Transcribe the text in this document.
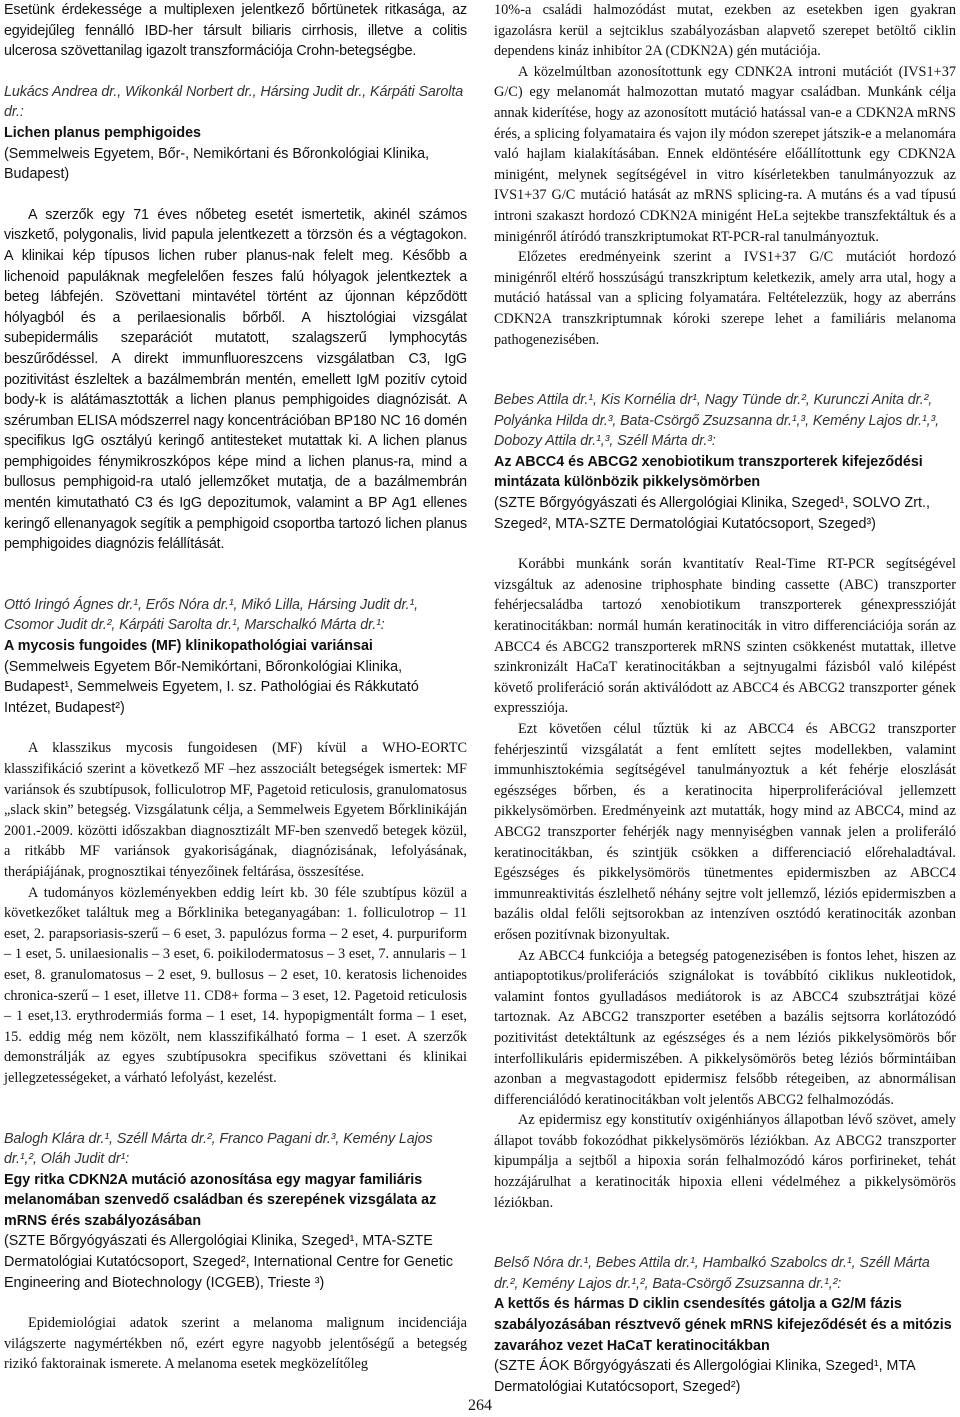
Esetünk érdekessége a multiplexen jelentkező bőrtünetek ritkasága, az egyidejűleg fennálló IBD-her társult biliaris cirrhosis, illetve a colitis ulcerosa szövettanilag igazolt transzformációja Crohn-betegségbe.

Lukács Andrea dr., Wikonkál Norbert dr., Hársing Judit dr., Kárpáti Sarolta dr.:

Lichen planus pemphigoides

(Semmelweis Egyetem, Bőr-, Nemikórtani és Bőronkológiai Klinika, Budapest)

A szerzők egy 71 éves nőbeteg esetét ismertetik, akinél számos viszkető, polygonalis, livid papula jelentkezett a törzsön és a végtagokon. A klinikai kép típusos lichen ruber planus-nak felelt meg. Később a lichenoid papuláknak megfelelően feszes falú hólyagok jelentkeztek a beteg lábfején. Szövettani mintavétel történt az újonnan képződött hólyagból és a perilaesionalis bőrből. A hisztológiai vizsgálat subepidermális szeparációt mutatott, szalagszerű lymphocytás beszűrődéssel. A direkt immunfluoreszcens vizsgálatban C3, IgG pozitivitást észleltek a bazálmembrán mentén, emellett IgM pozitív cytoid body-k is alátámasztották a lichen planus pemphigoides diagnózisát. A szérumban ELISA módszerrel nagy koncentrációban BP180 NC 16 domén specifikus IgG osztályú keringő antitesteket mutattak ki. A lichen planus pemphigoides fénymikroszkópos képe mind a lichen planus-ra, mind a bullosus pemphigoid-ra utaló jellemzőket mutatja, de a bazálmembrán mentén kimutatható C3 és IgG depozitumok, valamint a BP Ag1 ellenes keringő ellenanyagok segítik a pemphigoid csoportba tartozó lichen planus pemphigoides diagnózis felállítását.

Ottó Iringó Ágnes dr.¹, Erős Nóra dr.¹, Mikó Lilla, Hársing Judit dr.¹, Csomor Judit dr.², Kárpáti Sarolta dr.¹, Marschalkó Márta dr.¹:

A mycosis fungoides (MF) klinikopathológiai variánsai

(Semmelweis Egyetem Bőr-Nemikórtani, Bőronkológiai Klinika, Budapest¹, Semmelweis Egyetem, I. sz. Pathológiai és Rákkutató Intézet, Budapest²)

A klasszikus mycosis fungoidesen (MF) kívül a WHO-EORTC klasszifikáció szerint a következő MF –hez asszociált betegségek ismertek: MF variánsok és szubtípusok, folliculotrop MF, Pagetoid reticulosis, granulomatosus „slack skin” betegség. Vizsgálatunk célja, a Semmelweis Egyetem Bőrklinikáján 2001.-2009. közötti időszakban diagnosztizált MF-ben szenvedő betegek közül, a ritkább MF variánsok gyakoriságának, diagnózisának, lefolyásának, therápiájának, prognosztikai tényezőinek feltárása, összesítése.

A tudományos közleményekben eddig leírt kb. 30 féle szubtípus közül a következőket találtuk meg a Bőrklinika beteganyagában: 1. folliculotrop – 11 eset, 2. parapsoriasis-szerű – 6 eset, 3. papulózus forma – 2 eset, 4. purpuriform – 1 eset, 5. unilaesionalis – 3 eset, 6. poikilodermatosus – 3 eset, 7. annularis – 1 eset, 8. granulomatosus – 2 eset, 9. bullosus – 2 eset, 10. keratosis lichenoides chronica-szerű – 1 eset, illetve 11. CD8+ forma – 3 eset, 12. Pagetoid reticulosis – 1 eset,13. erythrodermiás forma – 1 eset, 14. hypopigmentált forma – 1 eset, 15. eddig még nem közölt, nem klasszifikálható forma – 1 eset. A szerzők demonstrálják az egyes szubtípusokra specifikus szövettani és klinikai jellegzetességeket, a várható lefolyást, kezelést.

Balogh Klára dr.¹, Széll Márta dr.², Franco Pagani dr.³, Kemény Lajos dr.¹,², Oláh Judit dr¹:

Egy ritka CDKN2A mutáció azonosítása egy magyar familiáris melanomában szenvedő családban és szerepének vizsgálata az mRNS érés szabályozásában

(SZTE Bőrgyógyászati és Allergológiai Klinika, Szeged¹, MTA-SZTE Dermatológiai Kutatócsoport, Szeged², International Centre for Genetic Engineering and Biotechnology (ICGEB), Trieste ³)

Epidemiológiai adatok szerint a melanoma malignum incidenciája világszerte nagymértékben nő, ezért egyre nagyobb jelentőségű a betegség rizikó faktorainak ismerete. A melanoma esetek megközelítőleg

10%-a családi halmozódást mutat, ezekben az esetekben igen gyakran igazolásra kerül a sejtciklus szabályozásban alapvető szerepet betöltő ciklin dependens kináz inhibítor 2A (CDKN2A) gén mutációja.

A közelmúltban azonosítottunk egy CDNK2A introni mutációt (IVS1+37 G/C) egy melanomát halmozottan mutató magyar családban. Munkánk célja annak kiderítése, hogy az azonosított mutáció hatással van-e a CDKN2A mRNS érés, a splicing folyamataira és vajon ily módon szerepet játszik-e a melanomára való hajlam kialakításában. Ennek eldöntésére előállítottunk egy CDKN2A minigént, melynek segítségével in vitro kísérletekben tanulmányozzuk az IVS1+37 G/C mutáció hatását az mRNS splicing-ra. A mutáns és a vad típusú introni szakaszt hordozó CDKN2A minigént HeLa sejtekbe transzfektáltuk és a minigénről átíródó transzkriptumokat RT-PCR-ral tanulmányoztuk.

Előzetes eredményeink szerint a IVS1+37 G/C mutációt hordozó minigénről eltérő hosszúságú transzkriptum keletkezik, amely arra utal, hogy a mutáció hatással van a splicing folyamatára. Feltételezzük, hogy az aberráns CDKN2A transzkriptumnak kóroki szerepe lehet a familiáris melanoma pathogenezisében.

Bebes Attila dr.¹, Kis Kornélia dr¹, Nagy Tünde dr.², Kurunczi Anita dr.², Polyánka Hilda dr.³, Bata-Csörgő Zsuzsanna dr.¹,³, Kemény Lajos dr.¹,³, Dobozy Attila dr.¹,³, Széll Márta dr.³:

Az ABCC4 és ABCG2 xenobiotikum transzporterek kifejeződési mintázata különbözik pikkelysömörben

(SZTE Bőrgyógyászati és Allergológiai Klinika, Szeged¹, SOLVO Zrt., Szeged², MTA-SZTE Dermatológiai Kutatócsoport, Szeged³)

Korábbi munkánk során kvantitatív Real-Time RT-PCR segítségével vizsgáltuk az adenosine triphosphate binding cassette (ABC) transzporter fehérjecsaládba tartozó xenobiotikum transzporterek génexpresszióját keratinocitákban: normál humán keratinociták in vitro differenciációja során az ABCC4 és ABCG2 transzporterek mRNS szinten csökkenést mutattak, illetve szinkronizált HaCaT keratinocitákban a sejtnyugalmi fázisból való kilépést követő proliferáció során aktiválódott az ABCC4 és ABCG2 transzporter gének expressziója.

Ezt követően célul tűztük ki az ABCC4 és ABCG2 transzporter fehérjeszintű vizsgálatát a fent említett sejtes modellekben, valamint immunhisztokémia segítségével tanulmányoztuk a két fehérje eloszlását egészséges bőrben, és a keratinocita hiperproliferációval jellemzett pikkelysömörben. Eredményeink azt mutatták, hogy mind az ABCC4, mind az ABCG2 transzporter fehérjék nagy mennyiségben vannak jelen a proliferáló keratinocitákban, és szintjük csökken a differenciació előrehaladtával. Egészséges és pikkelysömörös tünetmentes epidermiszben az ABCC4 immunreaktivitás észlelhető néhány sejtre volt jellemző, léziós epidermiszben a bazális oldal felőli sejtsorokban az intenzíven osztódó keratinociták azonban erősen pozitívnak bizonyultak.

Az ABCC4 funkciója a betegség patogenezisében is fontos lehet, hiszen az antiapoptotikus/proliferációs szignálokat is továbbító ciklikus nukleotidok, valamint fontos gyulladásos mediátorok is az ABCC4 szubsztrátjai közé tartoznak. Az ABCG2 transzporter esetében a bazális sejtsorra korlátozódó pozitivitást detektáltunk az egészséges és a nem léziós pikkelysömörös bőr interfollikuláris epidermiszében. A pikkelysömörös beteg léziós bőrmintáiban azonban a megvastagodott epidermisz felsőbb rétegeiben, az abnormálisan differenciálódó keratinocitákban volt jelentős ABCG2 felhalmozódás.

Az epidermisz egy konstitutív oxigénhiányos állapotban lévő szövet, amely állapot tovább fokozódhat pikkelysömörös léziókban. Az ABCG2 transzporter kipumpálja a sejtből a hipoxia során felhalmozódó káros porfirineket, tehát hozzájárulhat a keratinociták hipoxia elleni védelméhez a pikkelysömörös léziókban.

Belső Nóra dr.¹, Bebes Attila dr.¹, Hambalkó Szabolcs dr.¹, Széll Márta dr.², Kemény Lajos dr.¹,², Bata-Csörgő Zsuzsanna dr.¹,²:

A kettős és hármas D ciklin csendesítés gátolja a G2/M fázis szabályozásában résztvevő gének mRNS kifejeződését és a mitózis zavarához vezet HaCaT keratinocitákban

(SZTE ÁOK Bőrgyógyászati és Allergológiai Klinika, Szeged¹, MTA Dermatológiai Kutatócsoport, Szeged²)

264
